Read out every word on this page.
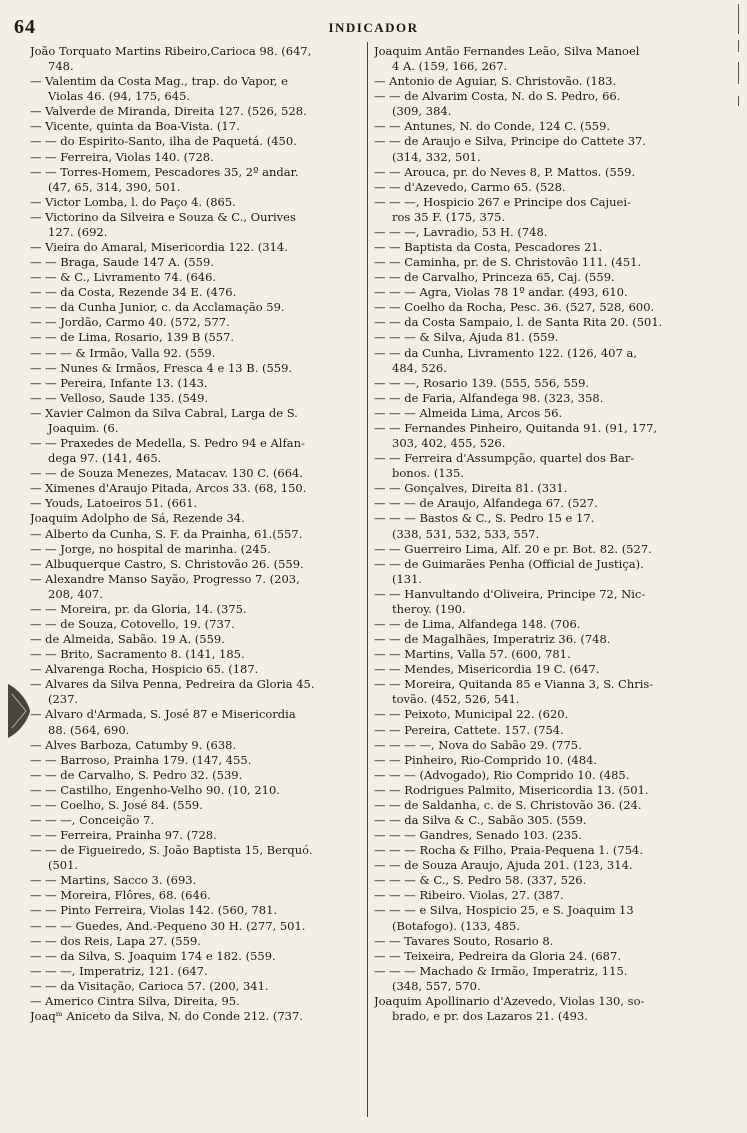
64	INDICADOR
João Torquato Martins Ribeiro,Carioca 98. (647,
748.
— Valentim da Costa Mag., trap. do Vapor, e
Violas 46. (94, 175, 645.
— Valverde de Miranda, Direita 127. (526, 528.
— Vicente, quinta da Boa-Vista. (17.
— — do Espirito-Santo, ilha de Paquetá. (450.
— — Ferreira, Violas 140. (728.
— — Torres-Homem, Pescadores 35, 2º andar.
(47, 65, 314, 390, 501.
— Victor Lomba, l. do Paço 4. (865.
— Victorino da Silveira e Souza & C., Ourives
127. (692.
— Vieira do Amaral, Misericordia 122. (314.
— — Braga, Saude 147 A. (559.
— — & C., Livramento 74. (646.
— — da Costa, Rezende 34 E. (476.
— — da Cunha Junior, c. da Acclamação 59.
— — Jordão, Carmo 40. (572, 577.
— — de Lima, Rosario, 139 B (557.
— — — & Irmão, Valla 92. (559.
— — Nunes & Irmãos, Fresca 4 e 13 B. (559.
— — Pereira, Infante 13. (143.
— — Velloso, Saude 135. (549.
— Xavier Calmon da Silva Cabral, Larga de S.
Joaquim. (6.
— — Praxedes de Medella, S. Pedro 94 e Alfan-
dega 97. (141, 465.
— — de Souza Menezes, Matacav. 130 C. (664.
— Ximenes d'Araujo Pitada, Arcos 33. (68, 150.
— Youds, Latoeiros 51. (661.
Joaquim Adolpho de Sá, Rezende 34.
— Alberto da Cunha, S. F. da Prainha, 61.(557.
— — Jorge, no hospital de marinha. (245.
— Albuquerque Castro, S. Christovão 26. (559.
— Alexandre Manso Sayão, Progresso 7. (203,
208, 407.
— — Moreira, pr. da Gloria, 14. (375.
— — de Souza, Cotovello, 19. (737.
— de Almeida, Sabão. 19 A. (559.
— — Brito, Sacramento 8. (141, 185.
— Alvarenga Rocha, Hospicio 65. (187.
— Alvares da Silva Penna, Pedreira da Gloria 45.
(237.
— Alvaro d'Armada, S. José 87 e Misericordia
88. (564, 690.
— Alves Barboza, Catumby 9. (638.
— — Barroso, Prainha 179. (147, 455.
— — de Carvalho, S. Pedro 32. (539.
— — Castilho, Engenho-Velho 90. (10, 210.
— — Coelho, S. José 84. (559.
— — —, Conceição 7.
— — Ferreira, Prainha 97. (728.
— — de Figueiredo, S. João Baptista 15, Berquó.
(501.
— — Martins, Sacco 3. (693.
— — Moreira, Flôres, 68. (646.
— — Pinto Ferreira, Violas 142. (560, 781.
— — — Guedes, And.-Pequeno 30 H. (277, 501.
— — dos Reis, Lapa 27. (559.
— — da Silva, S. Joaquim 174 e 182. (559.
— — —, Imperatriz, 121. (647.
— — da Visitação, Carioca 57. (200, 341.
— Americo Cintra Silva, Direita, 95.
Joaqᵐ Aniceto da Silva, N. do Conde 212. (737.
Joaquim Antão Fernandes Leão, Silva Manoel
4 A. (159, 166, 267.
— Antonio de Aguiar, S. Christovão. (183.
— — de Alvarim Costa, N. do S. Pedro, 66.
(309, 384.
— — Antunes, N. do Conde, 124 C. (559.
— — de Araujo e Silva, Principe do Cattete 37.
(314, 332, 501.
— — Arouca, pr. do Neves 8, P. Mattos. (559.
— — d'Azevedo, Carmo 65. (528.
— — —, Hospicio 267 e Principe dos Cajuei-
ros 35 F. (175, 375.
— — —, Lavradio, 53 H. (748.
— — Baptista da Costa, Pescadores 21.
— — Caminha, pr. de S. Christovão 111. (451.
— — de Carvalho, Princeza 65, Caj. (559.
— — — Agra, Violas 78 1º andar. (493, 610.
— — Coelho da Rocha, Pesc. 36. (527, 528, 600.
— — da Costa Sampaio, l. de Santa Rita 20. (501.
— — — & Silva, Ajuda 81. (559.
— — da Cunha, Livramento 122. (126, 407 a,
484, 526.
— — —, Rosario 139. (555, 556, 559.
— — de Faria, Alfandega 98. (323, 358.
— — — Almeida Lima, Arcos 56.
— — Fernandes Pinheiro, Quitanda 91. (91, 177,
303, 402, 455, 526.
— — Ferreira d'Assumpção, quartel dos Bar-
bonos. (135.
— — Gonçalves, Direita 81. (331.
— — — de Araujo, Alfandega 67. (527.
— — — Bastos & C., S. Pedro 15 e 17.
(338, 531, 532, 533, 557.
— — Guerreiro Lima, Alf. 20 e pr. Bot. 82. (527.
— — de Guimarães Penha (Official de Justiça).
(131.
— — Hanvultando d'Oliveira, Principe 72, Nic-
theroy. (190.
— — de Lima, Alfandega 148. (706.
— — de Magalhães, Imperatriz 36. (748.
— — Martins, Valla 57. (600, 781.
— — Mendes, Misericordia 19 C. (647.
— — Moreira, Quitanda 85 e Vianna 3, S. Chris-
tovão. (452, 526, 541.
— — Peixoto, Municipal 22. (620.
— — Pereira, Cattete. 157. (754.
— — — —, Nova do Sabão 29. (775.
— — Pinheiro, Rio-Comprido 10. (484.
— — — (Advogado), Rio Comprido 10. (485.
— — Rodrigues Palmito, Misericordia 13. (501.
— — de Saldanha, c. de S. Christovão 36. (24.
— — da Silva & C., Sabão 305. (559.
— — — Gandres, Senado 103. (235.
— — — Rocha & Filho, Praia-Pequena 1. (754.
— — de Souza Araujo, Ajuda 201. (123, 314.
— — — & C., S. Pedro 58. (337, 526.
— — — Ribeiro. Violas, 27. (387.
— — — e Silva, Hospicio 25, e S. Joaquim 13
(Botafogo). (133, 485.
— — Tavares Souto, Rosario 8.
— — Teixeira, Pedreira da Gloria 24. (687.
— — — Machado & Irmão, Imperatriz, 115.
(348, 557, 570.
Joaquim Apollinario d'Azevedo, Violas 130, so-
brado, e pr. dos Lazaros 21. (493.
